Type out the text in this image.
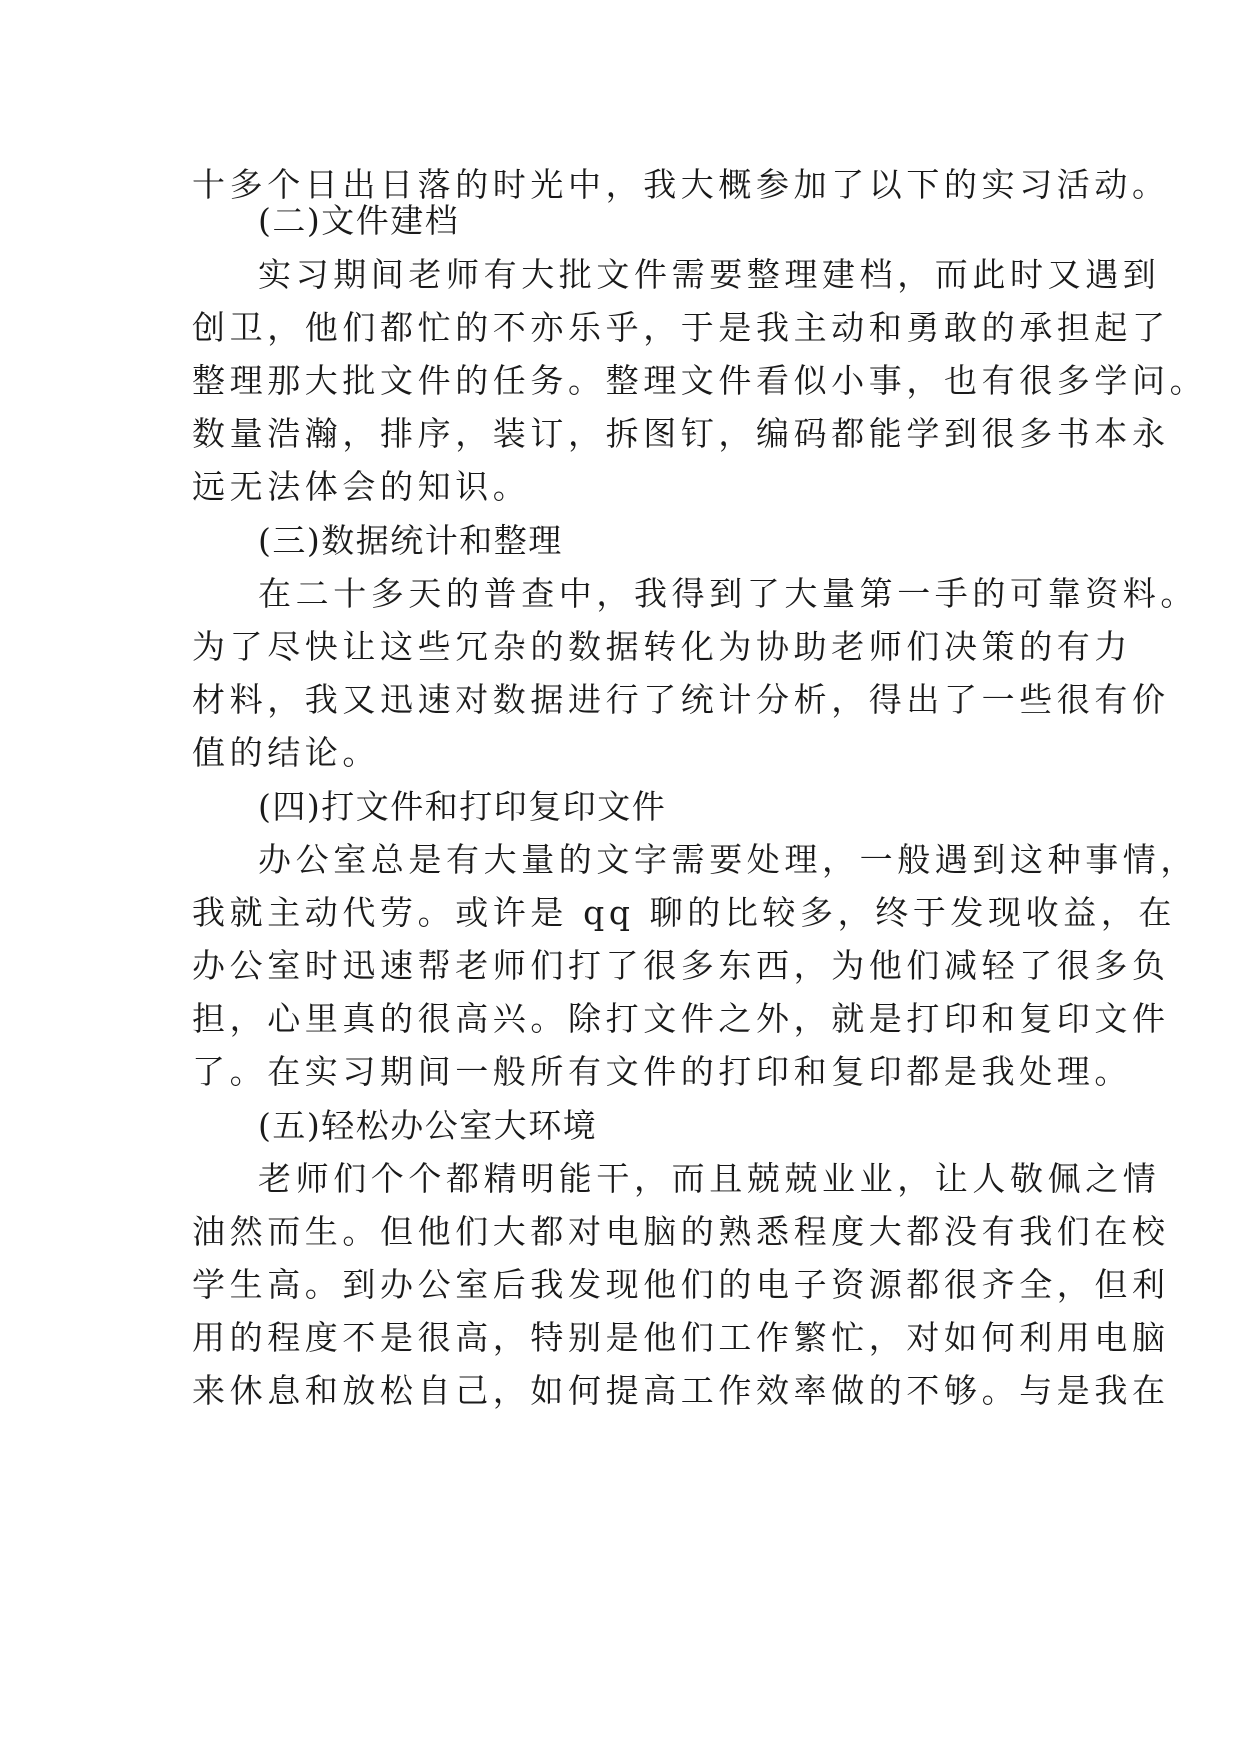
十多个日出日落的时光中，我大概参加了以下的实习活动。
(二)文件建档
实习期间老师有大批文件需要整理建档，而此时又遇到
创卫，他们都忙的不亦乐乎，于是我主动和勇敢的承担起了
整理那大批文件的任务。整理文件看似小事，也有很多学问。
数量浩瀚，排序，装订，拆图钉，编码都能学到很多书本永
远无法体会的知识。
(三)数据统计和整理
在二十多天的普查中，我得到了大量第一手的可靠资料。
为了尽快让这些冗杂的数据转化为协助老师们决策的有力
材料，我又迅速对数据进行了统计分析，得出了一些很有价
值的结论。
(四)打文件和打印复印文件
办公室总是有大量的文字需要处理，一般遇到这种事情，
我就主动代劳。或许是 qq 聊的比较多，终于发现收益，在
办公室时迅速帮老师们打了很多东西，为他们减轻了很多负
担，心里真的很高兴。除打文件之外，就是打印和复印文件
了。在实习期间一般所有文件的打印和复印都是我处理。
(五)轻松办公室大环境
老师们个个都精明能干，而且兢兢业业，让人敬佩之情
油然而生。但他们大都对电脑的熟悉程度大都没有我们在校
学生高。到办公室后我发现他们的电子资源都很齐全，但利
用的程度不是很高，特别是他们工作繁忙，对如何利用电脑
来休息和放松自己，如何提高工作效率做的不够。与是我在
